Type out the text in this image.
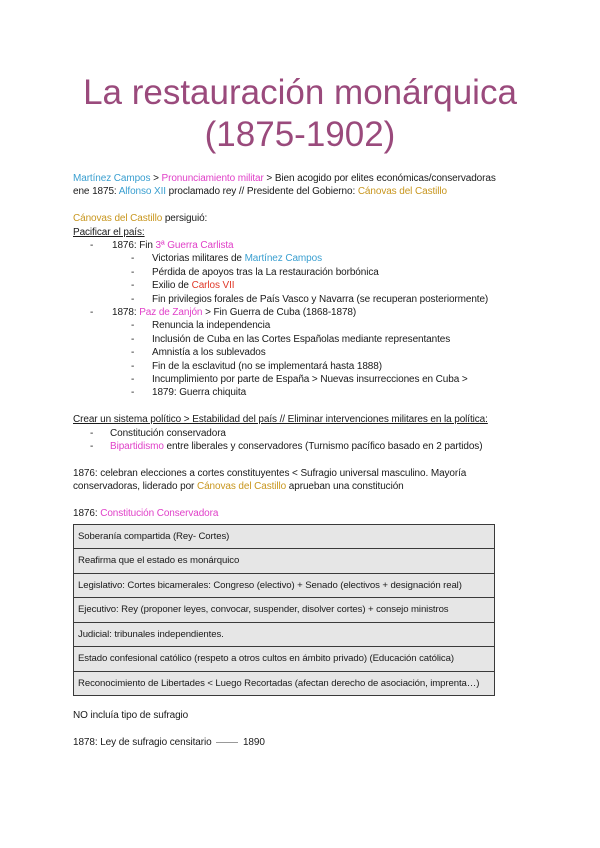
La restauración monárquica
(1875-1902)

Martínez Campos > Pronunciamiento militar > Bien acogido por elites económicas/conservadoras

ene 1875: Alfonso XII proclamado rey // Presidente del Gobierno: Cánovas del Castillo

Cánovas del Castillo persiguió:

Pacificar el país:

- 1876: Fin 3ª Guerra Carlista

- Victorias militares de Martínez Campos

- Pérdida de apoyos tras la La restauración borbónica

- Exilio de Carlos VII

- Fin privilegios forales de País Vasco y Navarra (se recuperan posteriormente)

- 1878: Paz de Zanjón > Fin Guerra de Cuba (1868-1878)

- Renuncia la independencia

- Inclusión de Cuba en las Cortes Españolas mediante representantes

- Amnistía a los sublevados

- Fin de la esclavitud (no se implementará hasta 1888)

- Incumplimiento por parte de España > Nuevas insurrecciones en Cuba >

- 1879: Guerra chiquita

Crear un sistema político > Estabilidad del país // Eliminar intervenciones militares en la política:

- Constitución conservadora

- Bipartidismo entre liberales y conservadores (Turnismo pacífico basado en 2 partidos)

1876: celebran elecciones a cortes constituyentes < Sufragio universal masculino. Mayoría

conservadoras, liderado por Cánovas del Castillo aprueban una constitución

1876: Constitución Conservadora

Soberanía compartida (Rey- Cortes)
Reafirma que el estado es monárquico
Legislativo: Cortes bicamerales: Congreso (electivo) + Senado (electivos + designación real)
Ejecutivo: Rey (proponer leyes, convocar, suspender, disolver cortes) + consejo ministros
Judicial: tribunales independientes.
Estado confesional católico (respeto a otros cultos en ámbito privado) (Educación católica)
Reconocimiento de Libertades < Luego Recortadas (afectan derecho de asociación, imprenta…)

NO incluía tipo de sufragio

1878: Ley de sufragio censitario	1890
